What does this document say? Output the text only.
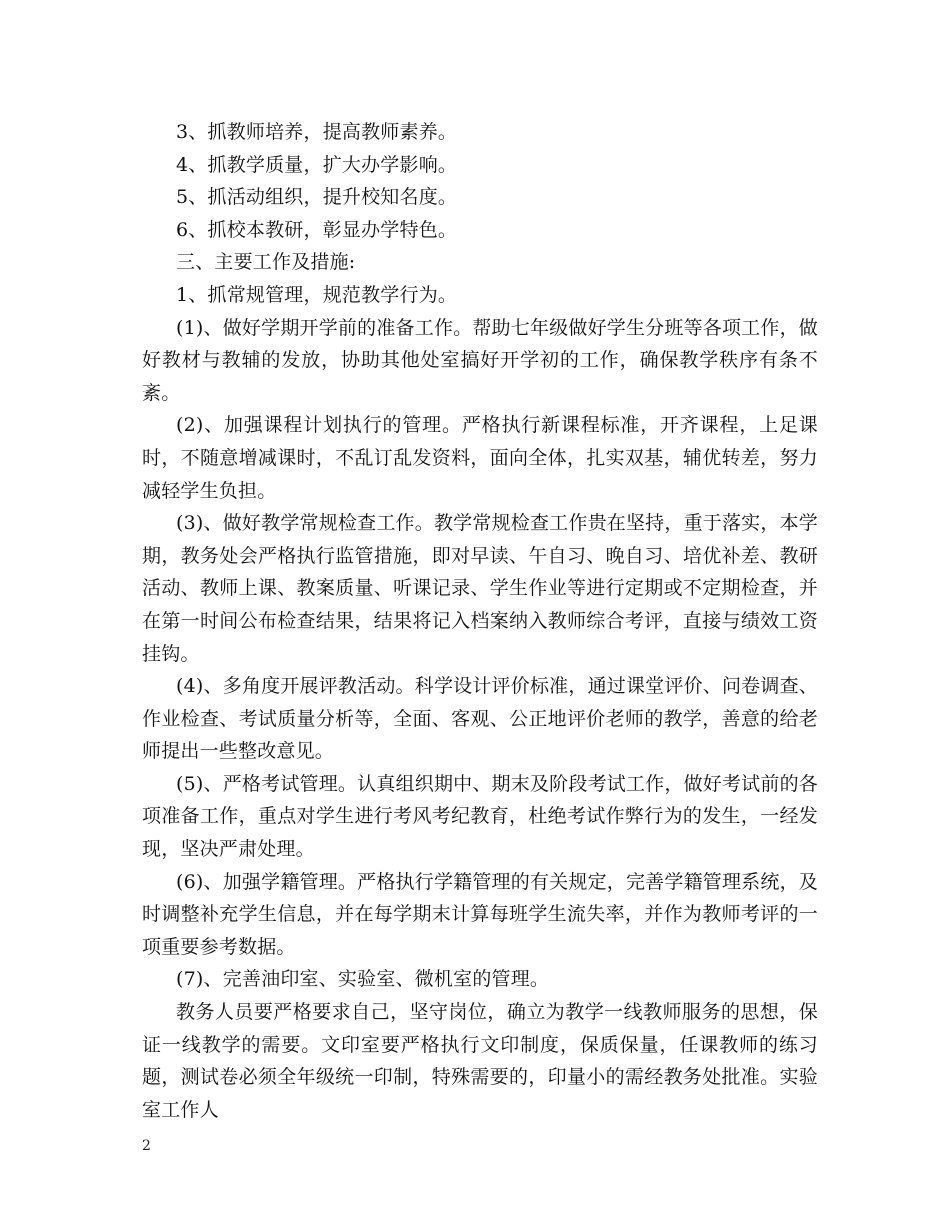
3、抓教师培养，提高教师素养。

4、抓教学质量，扩大办学影响。

5、抓活动组织，提升校知名度。

6、抓校本教研，彰显办学特色。

三、主要工作及措施:

1、抓常规管理，规范教学行为。

(1)、做好学期开学前的准备工作。帮助七年级做好学生分班等各项工作，做好教材与教辅的发放，协助其他处室搞好开学初的工作，确保教学秩序有条不紊。

(2)、加强课程计划执行的管理。严格执行新课程标准，开齐课程，上足课时，不随意增减课时，不乱订乱发资料，面向全体，扎实双基，辅优转差，努力减轻学生负担。

(3)、做好教学常规检查工作。教学常规检查工作贵在坚持，重于落实，本学期，教务处会严格执行监管措施，即对早读、午自习、晚自习、培优补差、教研活动、教师上课、教案质量、听课记录、学生作业等进行定期或不定期检查，并在第一时间公布检查结果，结果将记入档案纳入教师综合考评，直接与绩效工资挂钩。

(4)、多角度开展评教活动。科学设计评价标准，通过课堂评价、问卷调查、作业检查、考试质量分析等，全面、客观、公正地评价老师的教学，善意的给老师提出一些整改意见。

(5)、严格考试管理。认真组织期中、期末及阶段考试工作，做好考试前的各项准备工作，重点对学生进行考风考纪教育，杜绝考试作弊行为的发生，一经发现，坚决严肃处理。

(6)、加强学籍管理。严格执行学籍管理的有关规定，完善学籍管理系统，及时调整补充学生信息，并在每学期末计算每班学生流失率，并作为教师考评的一项重要参考数据。

(7)、完善油印室、实验室、微机室的管理。

教务人员要严格要求自己，坚守岗位，确立为教学一线教师服务的思想，保证一线教学的需要。文印室要严格执行文印制度，保质保量，任课教师的练习题，测试卷必须全年级统一印制，特殊需要的，印量小的需经教务处批准。实验室工作人

2
